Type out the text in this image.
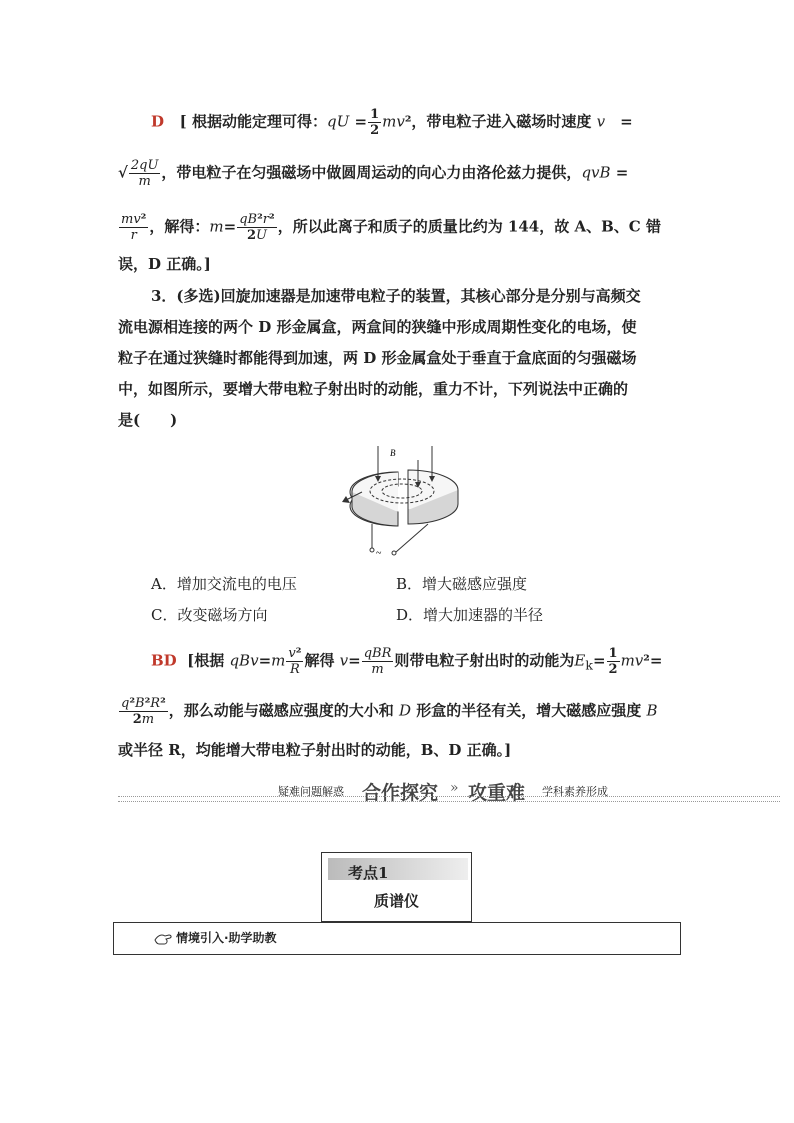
D   [ 根据动能定理可得：qU = $\frac{1}{2} mv^2$，带电粒子进入磁场时速度 v　=
√ $\frac{2qU}{m}$ ，带电粒子在匀强磁场中做圆周运动的向心力由洛伦兹力提供，qvB =
$\frac{\text{mv²}}{r}$ ，解得：$m= \frac{\text{qB²r²}}{2U}$ ，所以此离子和质子的质量比约为 144，故 A、B、C 错
误，D 正确。]
3．(多选)回旋加速器是加速带电粒子的装置，其核心部分是分别与高频交
流电源相连接的两个 D 形金属盒，两盒间的狭缝中形成周期性变化的电场，使
粒子在通过狭缝时都能得到加速，两 D 形金属盒处于垂直于盒底面的匀强磁场
中，如图所示，要增大带电粒子射出时的动能，重力不计，下列说法中正确的
是(　　)
B
~
A．增加交流电的电压	B．增大磁感应强度
C．改变磁场方向	D．增大加速器的半径
BD  [根据 $qBv=m \frac{\text{v²}}{R}$ 解得 $v= \frac{\text{qBR}}{m}$ 则带电粒子射出时的动能为$E_k= \frac{1}{2} mv^2=$
$\frac{\text{q²B²R²}}{2m}$ ，那么动能与磁感应强度的大小和 D 形盒的半径有关，增大磁感应强度 B
或半径 R，均能增大带电粒子射出时的动能，B、D 正确。]
疑难问题解惑 合作探究 » 攻重难 学科素养形成
考点1
质谱仪
情境引入·助学助教
